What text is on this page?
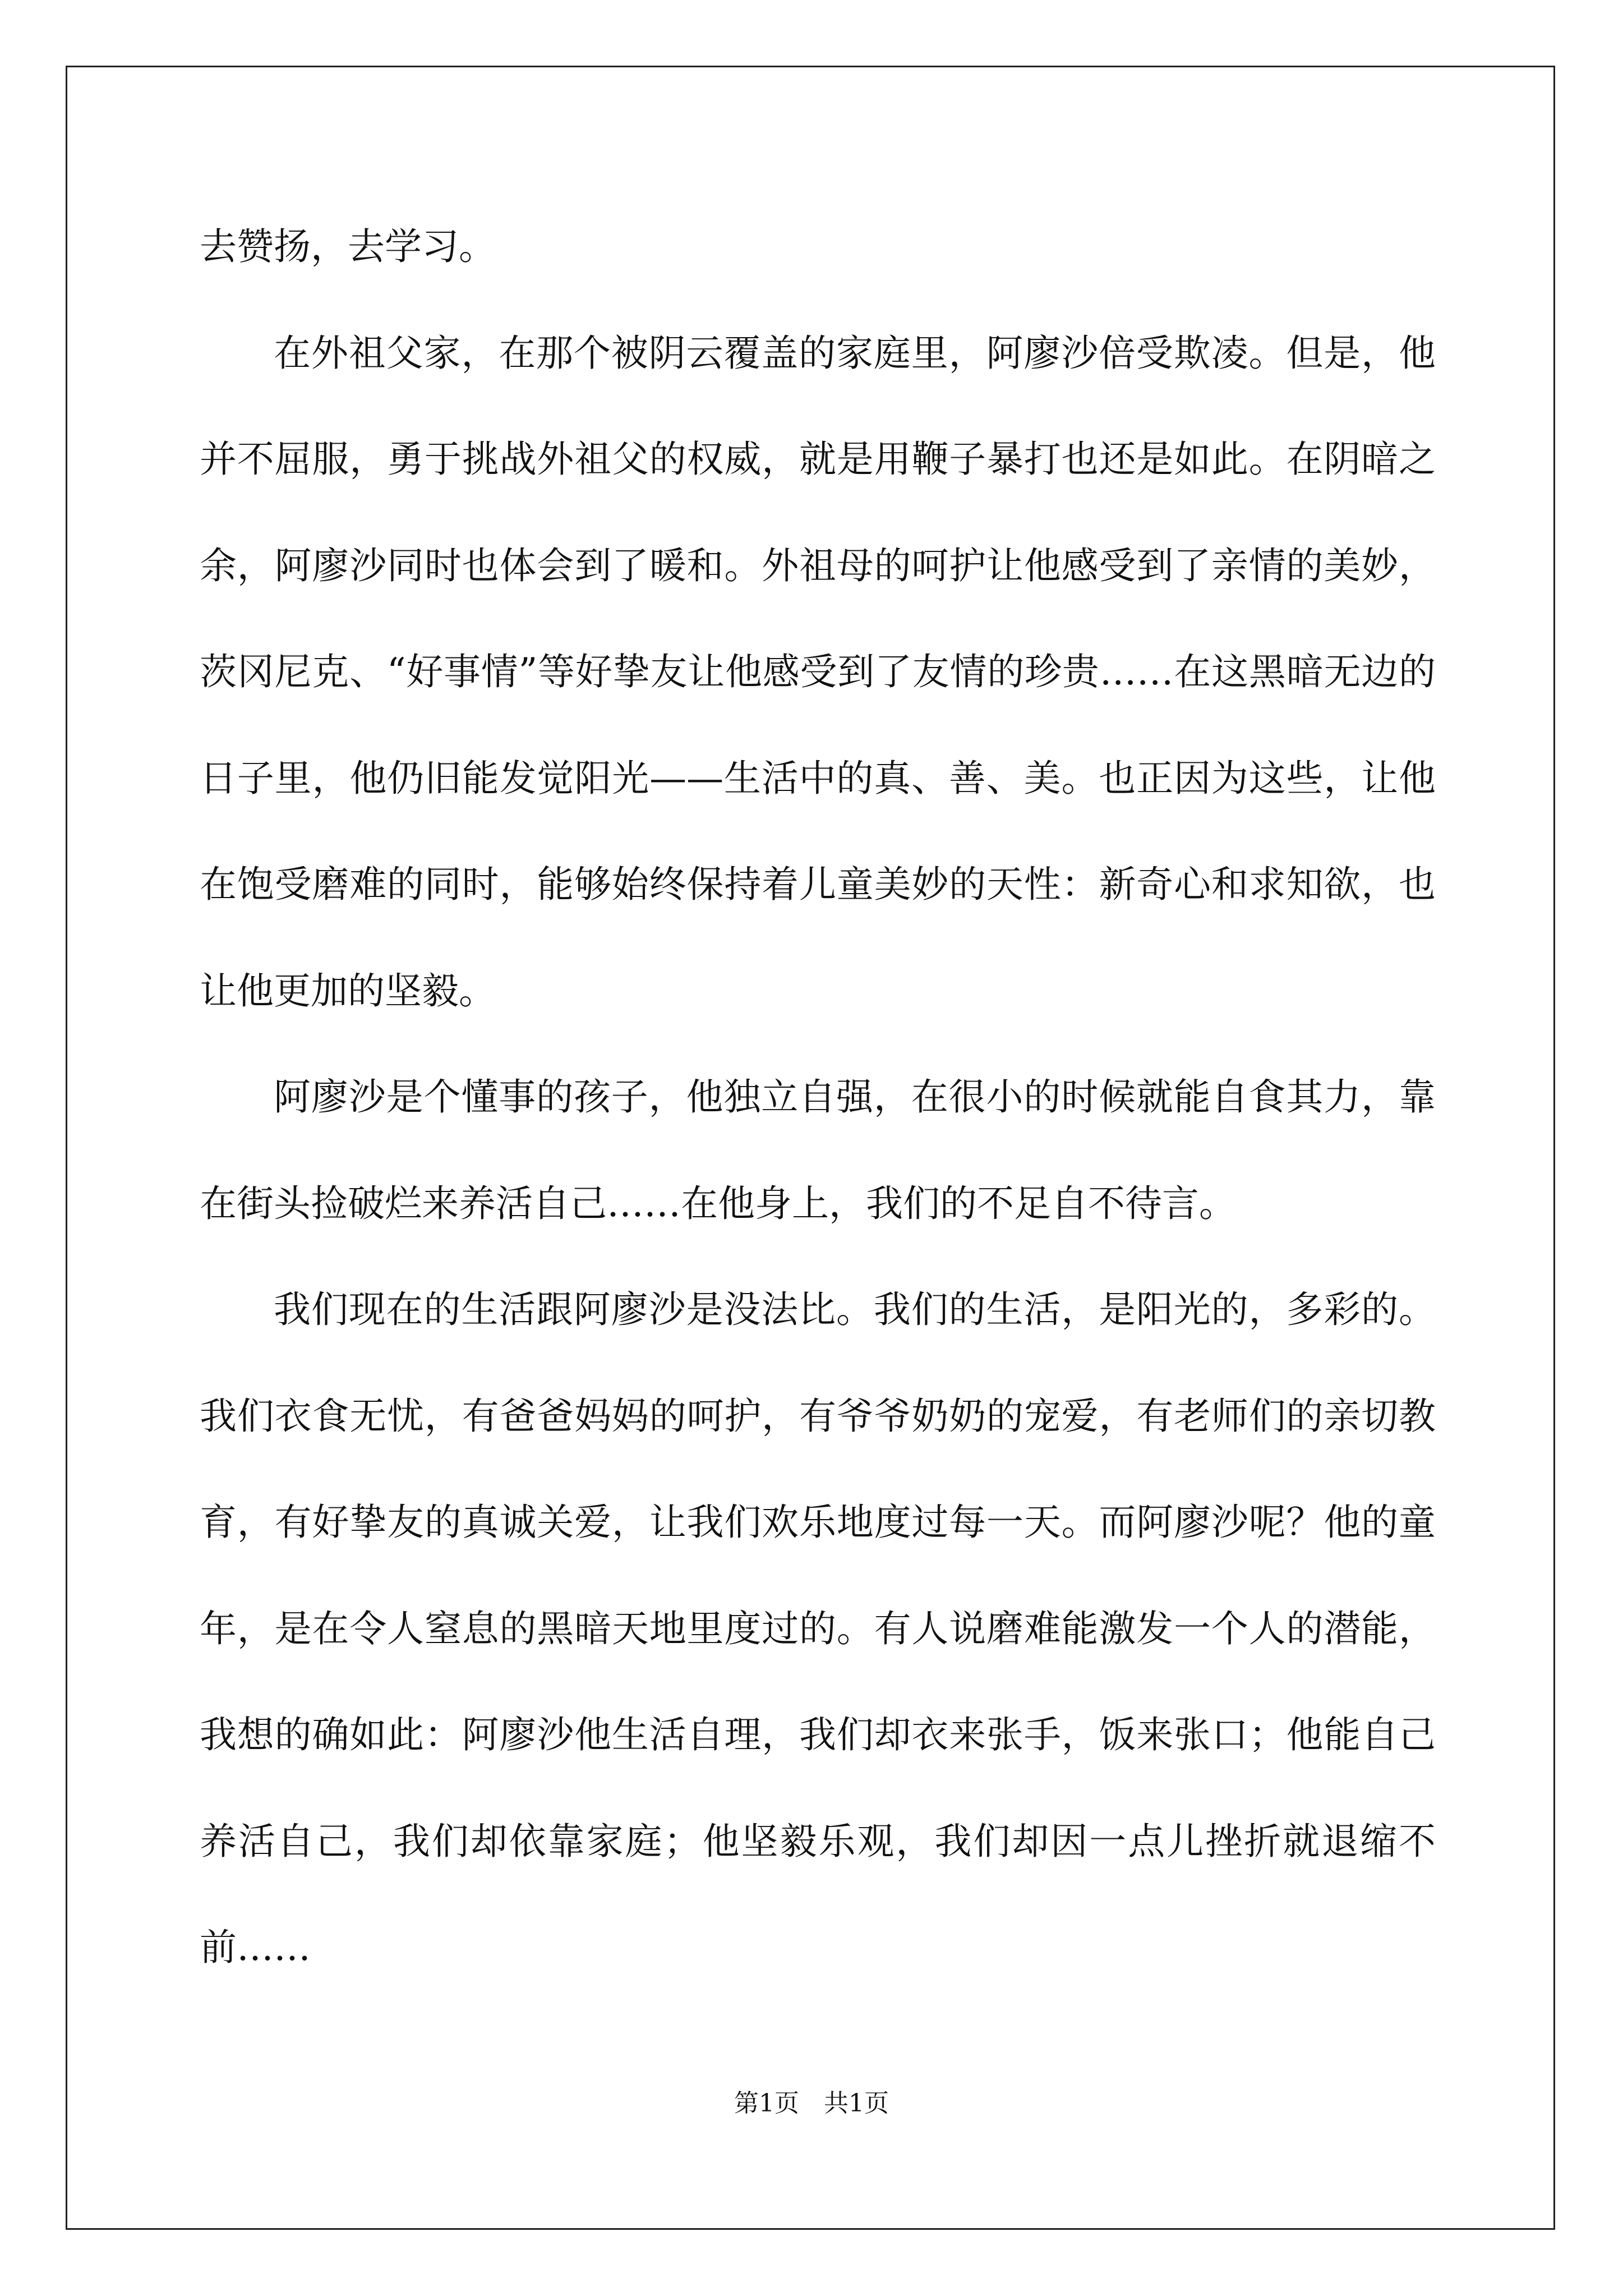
去赞扬，去学习。

在外祖父家，在那个被阴云覆盖的家庭里，阿廖沙倍受欺凌。但是，他并不屈服，勇于挑战外祖父的权威，就是用鞭子暴打也还是如此。在阴暗之余，阿廖沙同时也体会到了暖和。外祖母的呵护让他感受到了亲情的美妙，茨冈尼克、“好事情”等好挚友让他感受到了友情的珍贵……在这黑暗无边的日子里，他仍旧能发觉阳光——生活中的真、善、美。也正因为这些，让他在饱受磨难的同时，能够始终保持着儿童美妙的天性：新奇心和求知欲，也让他更加的坚毅。

阿廖沙是个懂事的孩子，他独立自强，在很小的时候就能自食其力，靠在街头捡破烂来养活自己……在他身上，我们的不足自不待言。

我们现在的生活跟阿廖沙是没法比。我们的生活，是阳光的，多彩的。我们衣食无忧，有爸爸妈妈的呵护，有爷爷奶奶的宠爱，有老师们的亲切教育，有好挚友的真诚关爱，让我们欢乐地度过每一天。而阿廖沙呢？他的童年，是在令人窒息的黑暗天地里度过的。有人说磨难能激发一个人的潜能，我想的确如此：阿廖沙他生活自理，我们却衣来张手，饭来张口；他能自己养活自己，我们却依靠家庭；他坚毅乐观，我们却因一点儿挫折就退缩不前……

第1页 共1页
